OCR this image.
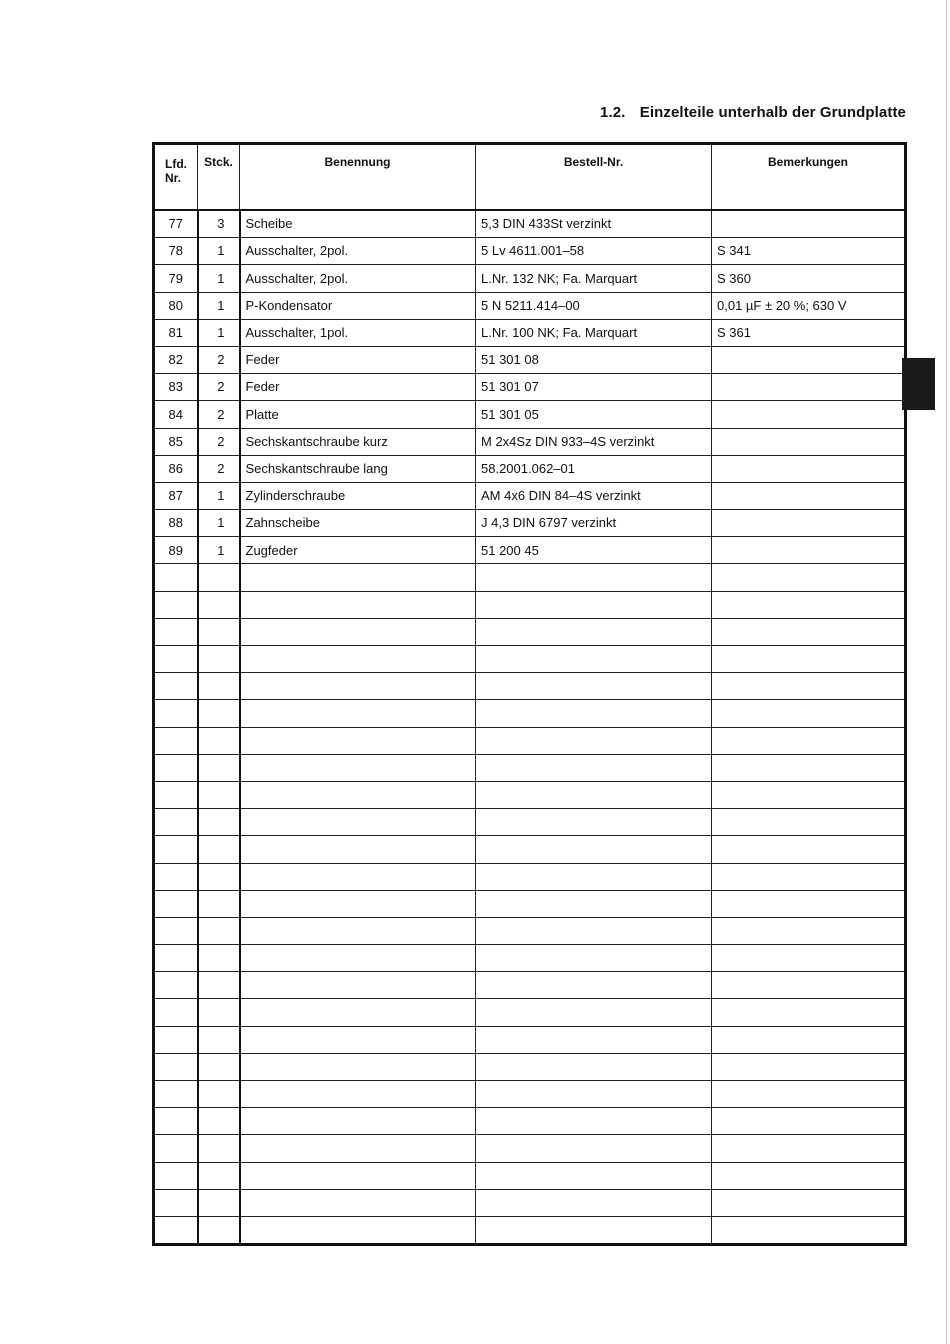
1.2. Einzelteile unterhalb der Grundplatte
Lfd.
Nr.	Stck.	Benennung	Bestell-Nr.	Bemerkungen
77	3	Scheibe	5,3 DIN 433St verzinkt	
78	1	Ausschalter, 2pol.	5 Lv 4611.001–58	S 341
79	1	Ausschalter, 2pol.	L.Nr. 132 NK; Fa. Marquart	S 360
80	1	P-Kondensator	5 N 5211.414–00	0,01 µF ± 20 %; 630 V
81	1	Ausschalter, 1pol.	L.Nr. 100 NK; Fa. Marquart	S 361
82	2	Feder	51 301 08	
83	2	Feder	51 301 07	
84	2	Platte	51 301 05	
85	2	Sechskantschraube kurz	M 2x4Sz DIN 933–4S verzinkt	
86	2	Sechskantschraube lang	58.2001.062–01	
87	1	Zylinderschraube	AM 4x6 DIN 84–4S verzinkt	
88	1	Zahnscheibe	J 4,3 DIN 6797 verzinkt	
89	1	Zugfeder	51 200 45	
